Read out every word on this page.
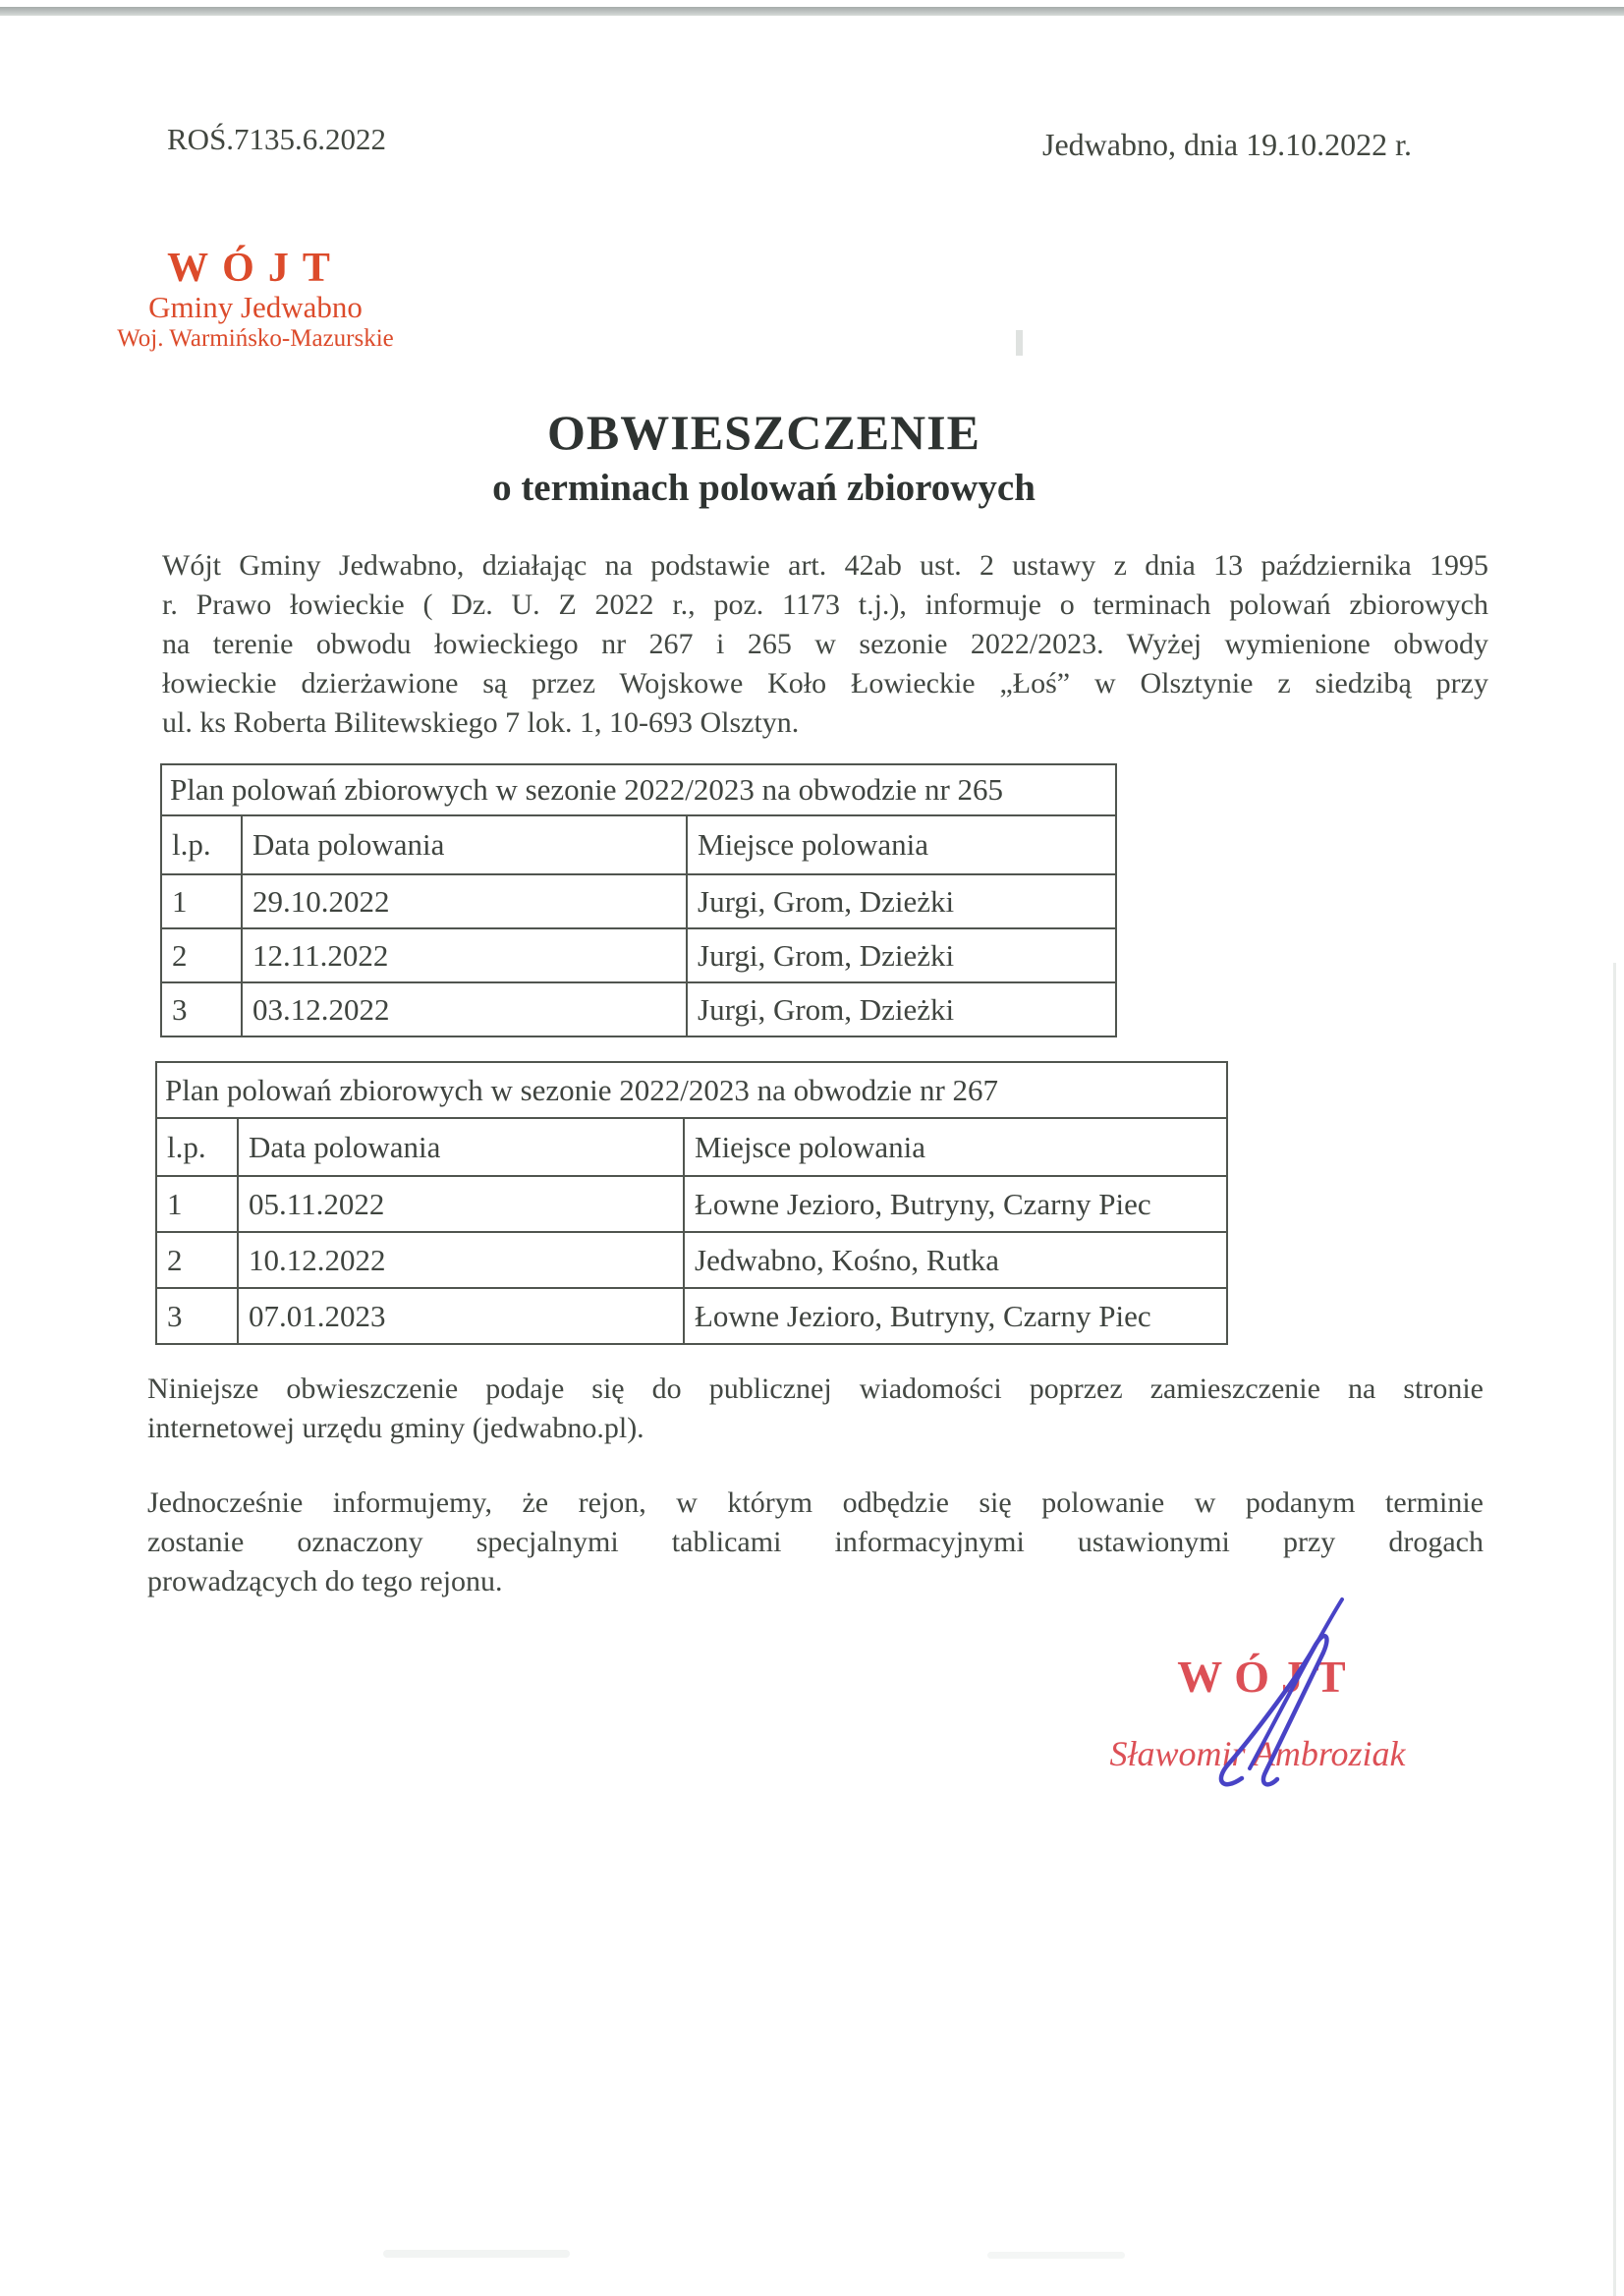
ROŚ.7135.6.2022	Jedwabno, dnia 19.10.2022 r.
WÓJT
Gminy Jedwabno
Woj. Warmińsko-Mazurskie
OBWIESZCZENIE
o terminach polowań zbiorowych
Wójt Gminy Jedwabno, działając na podstawie art. 42ab ust. 2 ustawy z dnia 13 października 1995
r. Prawo łowieckie ( Dz. U. Z 2022 r., poz. 1173 t.j.), informuje o terminach polowań zbiorowych
na terenie obwodu łowieckiego nr 267 i 265 w sezonie 2022/2023. Wyżej wymienione obwody
łowieckie dzierżawione są przez Wojskowe Koło Łowieckie „Łoś” w Olsztynie z siedzibą przy
ul. ks Roberta Bilitewskiego 7 lok. 1, 10-693 Olsztyn.
Plan polowań zbiorowych w sezonie 2022/2023 na obwodzie nr 265		
l.p.	Data polowania	Miejsce polowania
1	29.10.2022	Jurgi, Grom, Dzieżki
2	12.11.2022	Jurgi, Grom, Dzieżki
3	03.12.2022	Jurgi, Grom, Dzieżki
Plan polowań zbiorowych w sezonie 2022/2023 na obwodzie nr 267		
l.p.	Data polowania	Miejsce polowania
1	05.11.2022	Łowne Jezioro, Butryny, Czarny Piec
2	10.12.2022	Jedwabno, Kośno, Rutka
3	07.01.2023	Łowne Jezioro, Butryny, Czarny Piec
Niniejsze obwieszczenie podaje się do publicznej wiadomości poprzez zamieszczenie na stronie
internetowej urzędu gminy (jedwabno.pl).
Jednocześnie informujemy, że rejon, w którym odbędzie się polowanie w podanym terminie
zostanie oznaczony specjalnymi tablicami informacyjnymi ustawionymi przy drogach
prowadzących do tego rejonu.
WÓJT
Sławomir Ambroziak
